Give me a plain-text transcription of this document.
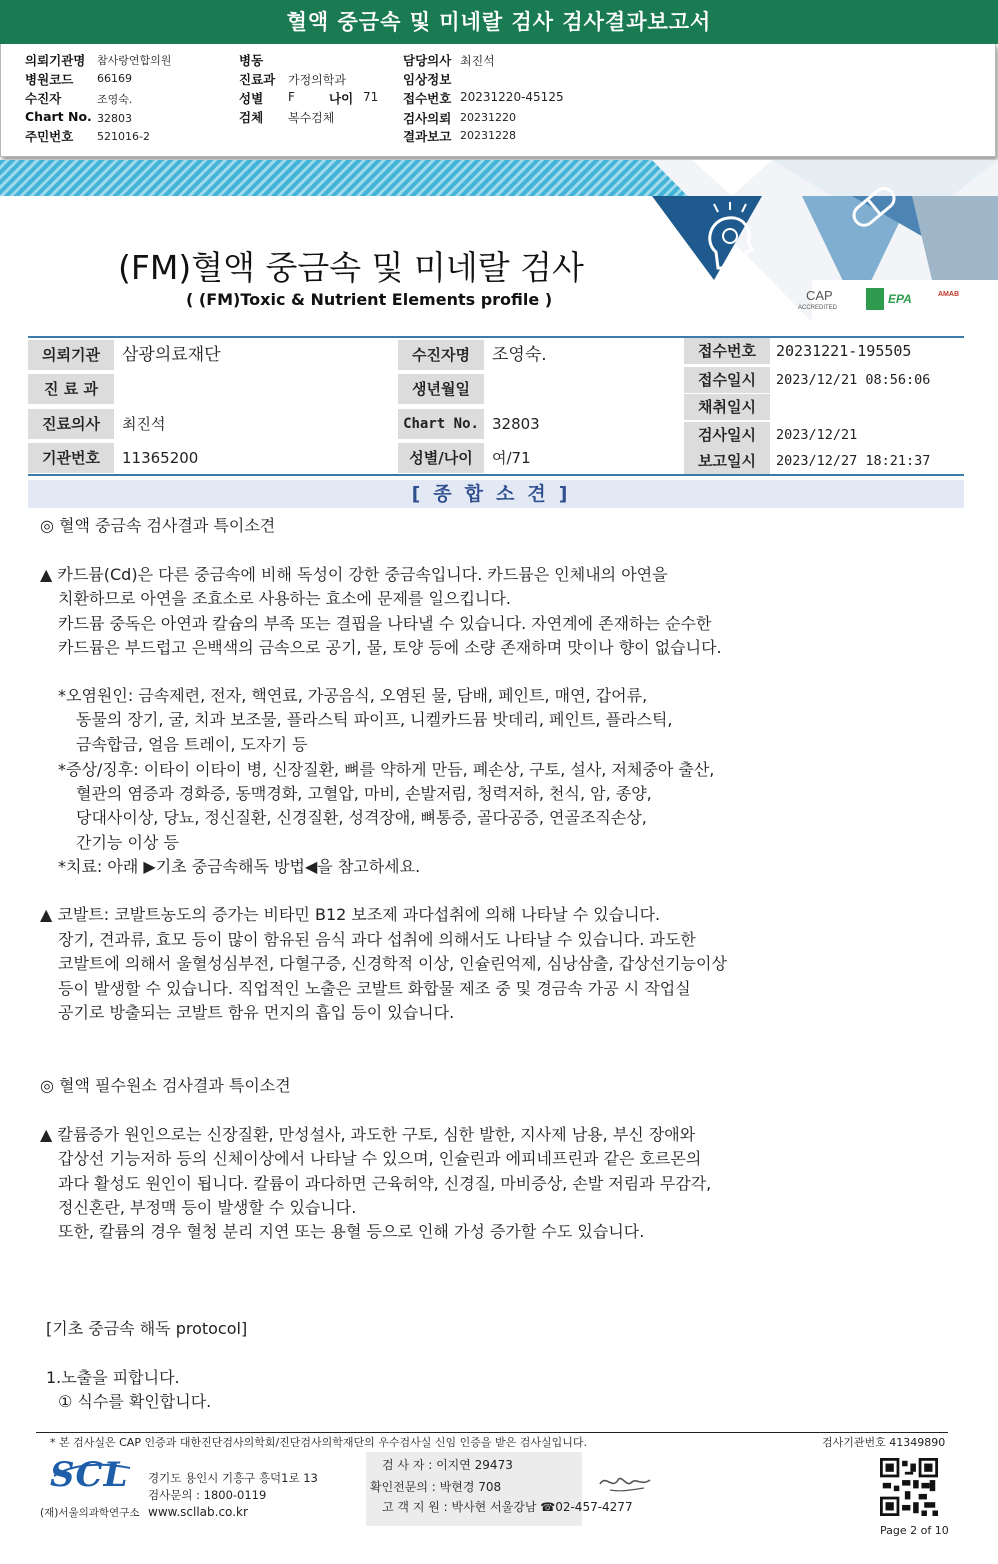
혈액 중금속 및 미네랄 검사 검사결과보고서
의뢰기관명 참사랑연합의원
병원코드 66169
수진자	조영숙.
Chart No. 32803
주민번호 521016-2
병동
진료과 가정의학과
성별 F	나이 71
검체 복수검체
담당의사 최진석
임상정보
접수번호 20231220-45125
검사의뢰 20231220
결과보고 20231228
CAP
ACCREDITED
EPA	AMAB
(FM)혈액 중금속 및 미네랄 검사
( (FM)Toxic & Nutrient Elements profile )
의뢰기관	삼광의료재단	수진자명	조영숙.
진 료 과	생년월일
진료의사	최진석	Chart No. 32803
기관번호	11365200	성별/나이	여/71
접수번호	20231221-195505
접수일시	2023/12/21 08:56:06
채취일시
검사일시	2023/12/21
보고일시	2023/12/27 18:21:37
[종합소견]
◎ 혈액 중금속 검사결과 특이소견
▲ 카드뮴(Cd)은 다른 중금속에 비해 독성이 강한 중금속입니다. 카드뮴은 인체내의 아연을
치환하므로 아연을 조효소로 사용하는 효소에 문제를 일으킵니다.
카드뮴 중독은 아연과 칼슘의 부족 또는 결핍을 나타낼 수 있습니다. 자연계에 존재하는 순수한
카드뮴은 부드럽고 은백색의 금속으로 공기, 물, 토양 등에 소량 존재하며 맛이나 향이 없습니다.
*오염원인: 금속제련, 전자, 핵연료, 가공음식, 오염된 물, 담배, 페인트, 매연, 갑어류,
동물의 장기, 굴, 치과 보조물, 플라스틱 파이프, 니켈카드뮴 밧데리, 페인트, 플라스틱,
금속합금, 얼음 트레이, 도자기 등
*증상/징후: 이타이 이타이 병, 신장질환, 뼈를 약하게 만듬, 폐손상, 구토, 설사, 저체중아 출산,
혈관의 염증과 경화증, 동맥경화, 고혈압, 마비, 손발저림, 청력저하, 천식, 암, 종양,
당대사이상, 당뇨, 정신질환, 신경질환, 성격장애, 뼈통증, 골다공증, 연골조직손상,
간기능 이상 등
*치료: 아래 ▶기초 중금속해독 방법◀을 참고하세요.
▲ 코발트: 코발트농도의 증가는 비타민 B12 보조제 과다섭취에 의해 나타날 수 있습니다.
장기, 견과류, 효모 등이 많이 함유된 음식 과다 섭취에 의해서도 나타날 수 있습니다. 과도한
코발트에 의해서 울혈성심부전, 다혈구증, 신경학적 이상, 인슐린억제, 심낭삼출, 갑상선기능이상
등이 발생할 수 있습니다. 직업적인 노출은 코발트 화합물 제조 중 및 경금속 가공 시 작업실
공기로 방출되는 코발트 함유 먼지의 흡입 등이 있습니다.
◎ 혈액 필수원소 검사결과 특이소견
▲ 칼륨증가 원인으로는 신장질환, 만성설사, 과도한 구토, 심한 발한, 지사제 남용, 부신 장애와
갑상선 기능저하 등의 신체이상에서 나타날 수 있으며, 인슐린과 에피네프린과 같은 호르몬의
과다 활성도 원인이 됩니다. 칼륨이 과다하면 근육허약, 신경질, 마비증상, 손발 저림과 무감각,
정신혼란, 부정맥 등이 발생할 수 있습니다.
또한, 칼륨의 경우 혈청 분리 지연 또는 용혈 등으로 인해 가성 증가할 수도 있습니다.
[기초 중금속 해독 protocol]
1.노출을 피합니다.
① 식수를 확인합니다.
* 본 검사실은 CAP 인증과 대한진단검사의학회/진단검사의학재단의 우수검사실 신임 인증을 받은 검사실입니다.	검사기관번호 41349890
SCL
(재)서울의과학연구소
경기도 용인시 기흥구 흥덕1로 13
검사문의 : 1800-0119
www.scllab.co.kr
검 사 자 : 이지연 29473
확인전문의 : 박현경 708
고 객 지 원 : 박사현 서울강남 ☎02-457-4277
Page 2 of 10
